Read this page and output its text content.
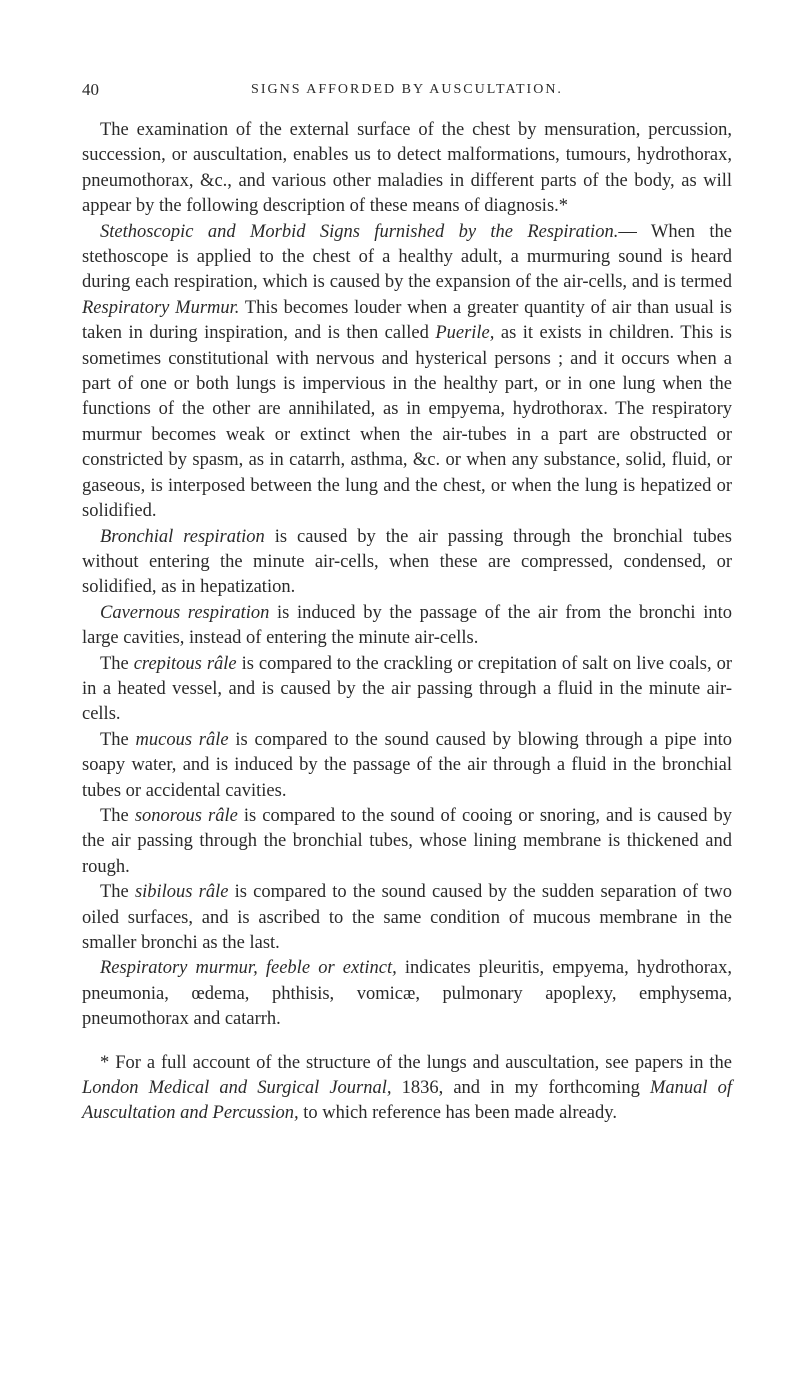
40	SIGNS AFFORDED BY AUSCULTATION.

The examination of the external surface of the chest by mensuration, percussion, succession, or auscultation, enables us to detect malformations, tumours, hydrothorax, pneumothorax, &c., and various other maladies in different parts of the body, as will appear by the following description of these means of diagnosis.*

Stethoscopic and Morbid Signs furnished by the Respiration.— When the stethoscope is applied to the chest of a healthy adult, a murmuring sound is heard during each respiration, which is caused by the expansion of the air-cells, and is termed Respiratory Murmur. This becomes louder when a greater quantity of air than usual is taken in during inspiration, and is then called Puerile, as it exists in children. This is sometimes constitutional with nervous and hysterical persons ; and it occurs when a part of one or both lungs is impervious in the healthy part, or in one lung when the functions of the other are annihilated, as in empyema, hydrothorax. The respiratory murmur becomes weak or extinct when the air-tubes in a part are obstructed or constricted by spasm, as in catarrh, asthma, &c. or when any substance, solid, fluid, or gaseous, is interposed between the lung and the chest, or when the lung is hepatized or solidified.

Bronchial respiration is caused by the air passing through the bronchial tubes without entering the minute air-cells, when these are compressed, condensed, or solidified, as in hepatization.

Cavernous respiration is induced by the passage of the air from the bronchi into large cavities, instead of entering the minute air-cells.

The crepitous râle is compared to the crackling or crepitation of salt on live coals, or in a heated vessel, and is caused by the air passing through a fluid in the minute air-cells.

The mucous râle is compared to the sound caused by blowing through a pipe into soapy water, and is induced by the passage of the air through a fluid in the bronchial tubes or accidental cavities.

The sonorous râle is compared to the sound of cooing or snoring, and is caused by the air passing through the bronchial tubes, whose lining membrane is thickened and rough.

The sibilous râle is compared to the sound caused by the sudden separation of two oiled surfaces, and is ascribed to the same condition of mucous membrane in the smaller bronchi as the last.

Respiratory murmur, feeble or extinct, indicates pleuritis, empyema, hydrothorax, pneumonia, œdema, phthisis, vomicæ, pulmonary apoplexy, emphysema, pneumothorax and catarrh.

* For a full account of the structure of the lungs and auscultation, see papers in the London Medical and Surgical Journal, 1836, and in my forthcoming Manual of Auscultation and Percussion, to which reference has been made already.
